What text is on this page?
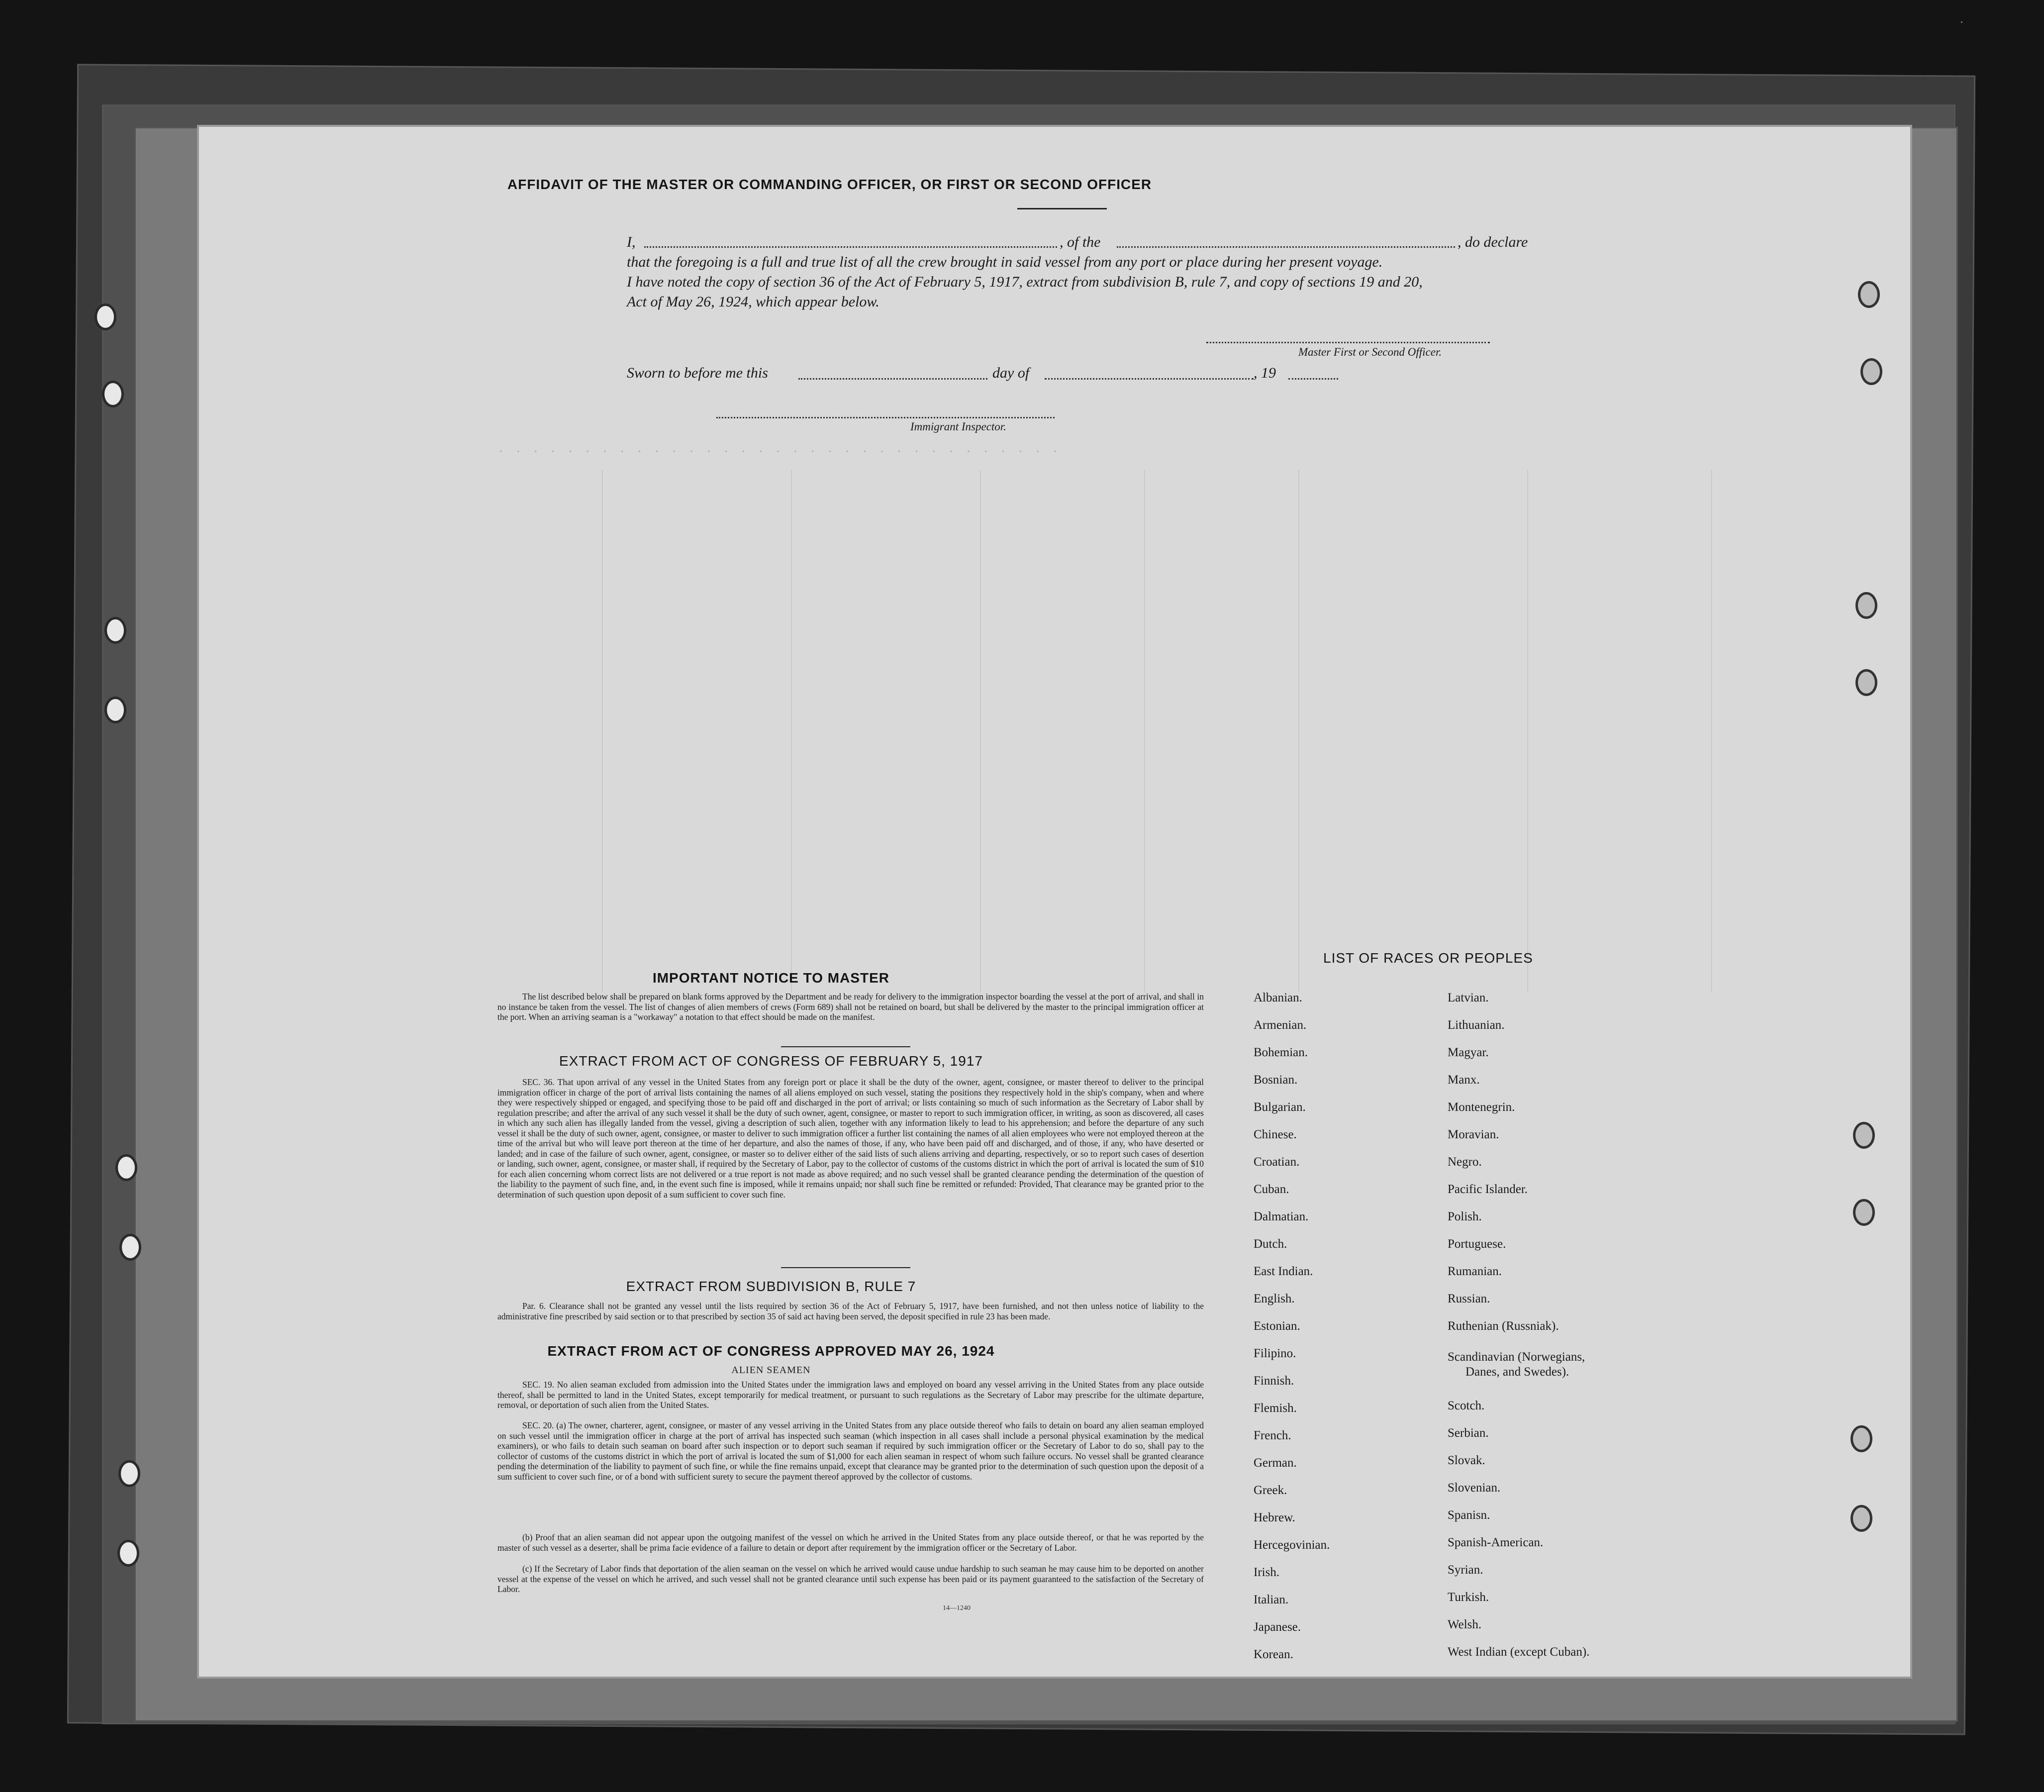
· · · · · · · · · · · · · · · · · · · · · · · · · · · · · · · · ·
AFFIDAVIT OF THE MASTER OR COMMANDING OFFICER, OR FIRST OR SECOND OFFICER
I,	, of the	, do declare
that the foregoing is a full and true list of all the crew brought in said vessel from any port or place during her present voyage.
I have noted the copy of section 36 of the Act of February 5, 1917, extract from subdivision B, rule 7, and copy of sections 19 and 20,
Act of May 26, 1924, which appear below.
Master First or Second Officer.
Sworn to before me this	day of	, 19
Immigrant Inspector.
IMPORTANT NOTICE TO MASTER
The list described below shall be prepared on blank forms approved by the Department and be ready for delivery to the immigration inspector boarding the vessel at the port of arrival, and shall in no instance be taken from the vessel. The list of changes of alien members of crews (Form 689) shall not be retained on board, but shall be delivered by the master to the principal immigration officer at the port. When an arriving seaman is a "workaway" a notation to that effect should be made on the manifest.
EXTRACT FROM ACT OF CONGRESS OF FEBRUARY 5, 1917
SEC. 36. That upon arrival of any vessel in the United States from any foreign port or place it shall be the duty of the owner, agent, consignee, or master thereof to deliver to the principal immigration officer in charge of the port of arrival lists containing the names of all aliens employed on such vessel, stating the positions they respectively hold in the ship's company, when and where they were respectively shipped or engaged, and specifying those to be paid off and discharged in the port of arrival; or lists containing so much of such information as the Secretary of Labor shall by regulation prescribe; and after the arrival of any such vessel it shall be the duty of such owner, agent, consignee, or master to report to such immigration officer, in writing, as soon as discovered, all cases in which any such alien has illegally landed from the vessel, giving a description of such alien, together with any information likely to lead to his apprehension; and before the departure of any such vessel it shall be the duty of such owner, agent, consignee, or master to deliver to such immigration officer a further list containing the names of all alien employees who were not employed thereon at the time of the arrival but who will leave port thereon at the time of her departure, and also the names of those, if any, who have been paid off and discharged, and of those, if any, who have deserted or landed; and in case of the failure of such owner, agent, consignee, or master so to deliver either of the said lists of such aliens arriving and departing, respectively, or so to report such cases of desertion or landing, such owner, agent, consignee, or master shall, if required by the Secretary of Labor, pay to the collector of customs of the customs district in which the port of arrival is located the sum of $10 for each alien concerning whom correct lists are not delivered or a true report is not made as above required; and no such vessel shall be granted clearance pending the determination of the question of the liability to the payment of such fine, and, in the event such fine is imposed, while it remains unpaid; nor shall such fine be remitted or refunded: Provided, That clearance may be granted prior to the determination of such question upon deposit of a sum sufficient to cover such fine.
EXTRACT FROM SUBDIVISION B, RULE 7
Par. 6. Clearance shall not be granted any vessel until the lists required by section 36 of the Act of February 5, 1917, have been furnished, and not then unless notice of liability to the administrative fine prescribed by said section or to that prescribed by section 35 of said act having been served, the deposit specified in rule 23 has been made.
EXTRACT FROM ACT OF CONGRESS APPROVED MAY 26, 1924
ALIEN SEAMEN
SEC. 19. No alien seaman excluded from admission into the United States under the immigration laws and employed on board any vessel arriving in the United States from any place outside thereof, shall be permitted to land in the United States, except temporarily for medical treatment, or pursuant to such regulations as the Secretary of Labor may prescribe for the ultimate departure, removal, or deportation of such alien from the United States.
SEC. 20. (a) The owner, charterer, agent, consignee, or master of any vessel arriving in the United States from any place outside thereof who fails to detain on board any alien seaman employed on such vessel until the immigration officer in charge at the port of arrival has inspected such seaman (which inspection in all cases shall include a personal physical examination by the medical examiners), or who fails to detain such seaman on board after such inspection or to deport such seaman if required by such immigration officer or the Secretary of Labor to do so, shall pay to the collector of customs of the customs district in which the port of arrival is located the sum of $1,000 for each alien seaman in respect of whom such failure occurs. No vessel shall be granted clearance pending the determination of the liability to payment of such fine, or while the fine remains unpaid, except that clearance may be granted prior to the determination of such question upon the deposit of a sum sufficient to cover such fine, or of a bond with sufficient surety to secure the payment thereof approved by the collector of customs.
(b) Proof that an alien seaman did not appear upon the outgoing manifest of the vessel on which he arrived in the United States from any place outside thereof, or that he was reported by the master of such vessel as a deserter, shall be prima facie evidence of a failure to detain or deport after requirement by the immigration officer or the Secretary of Labor.
(c) If the Secretary of Labor finds that deportation of the alien seaman on the vessel on which he arrived would cause undue hardship to such seaman he may cause him to be deported on another vessel at the expense of the vessel on which he arrived, and such vessel shall not be granted clearance until such expense has been paid or its payment guaranteed to the satisfaction of the Secretary of Labor.
14—1240
LIST OF RACES OR PEOPLES
Albanian.
Armenian.
Bohemian.
Bosnian.
Bulgarian.
Chinese.
Croatian.
Cuban.
Dalmatian.
Dutch.
East Indian.
English.
Estonian.
Filipino.
Finnish.
Flemish.
French.
German.
Greek.
Hebrew.
Hercegovinian.
Irish.
Italian.
Japanese.
Korean.
Latvian.
Lithuanian.
Magyar.
Manx.
Montenegrin.
Moravian.
Negro.
Pacific Islander.
Polish.
Portuguese.
Rumanian.
Russian.
Ruthenian (Russniak).
Scandinavian (Norwegians,
Danes, and Swedes).
Scotch.
Serbian.
Slovak.
Slovenian.
Spanisn.
Spanish-American.
Syrian.
Turkish.
Welsh.
West Indian (except Cuban).
.
